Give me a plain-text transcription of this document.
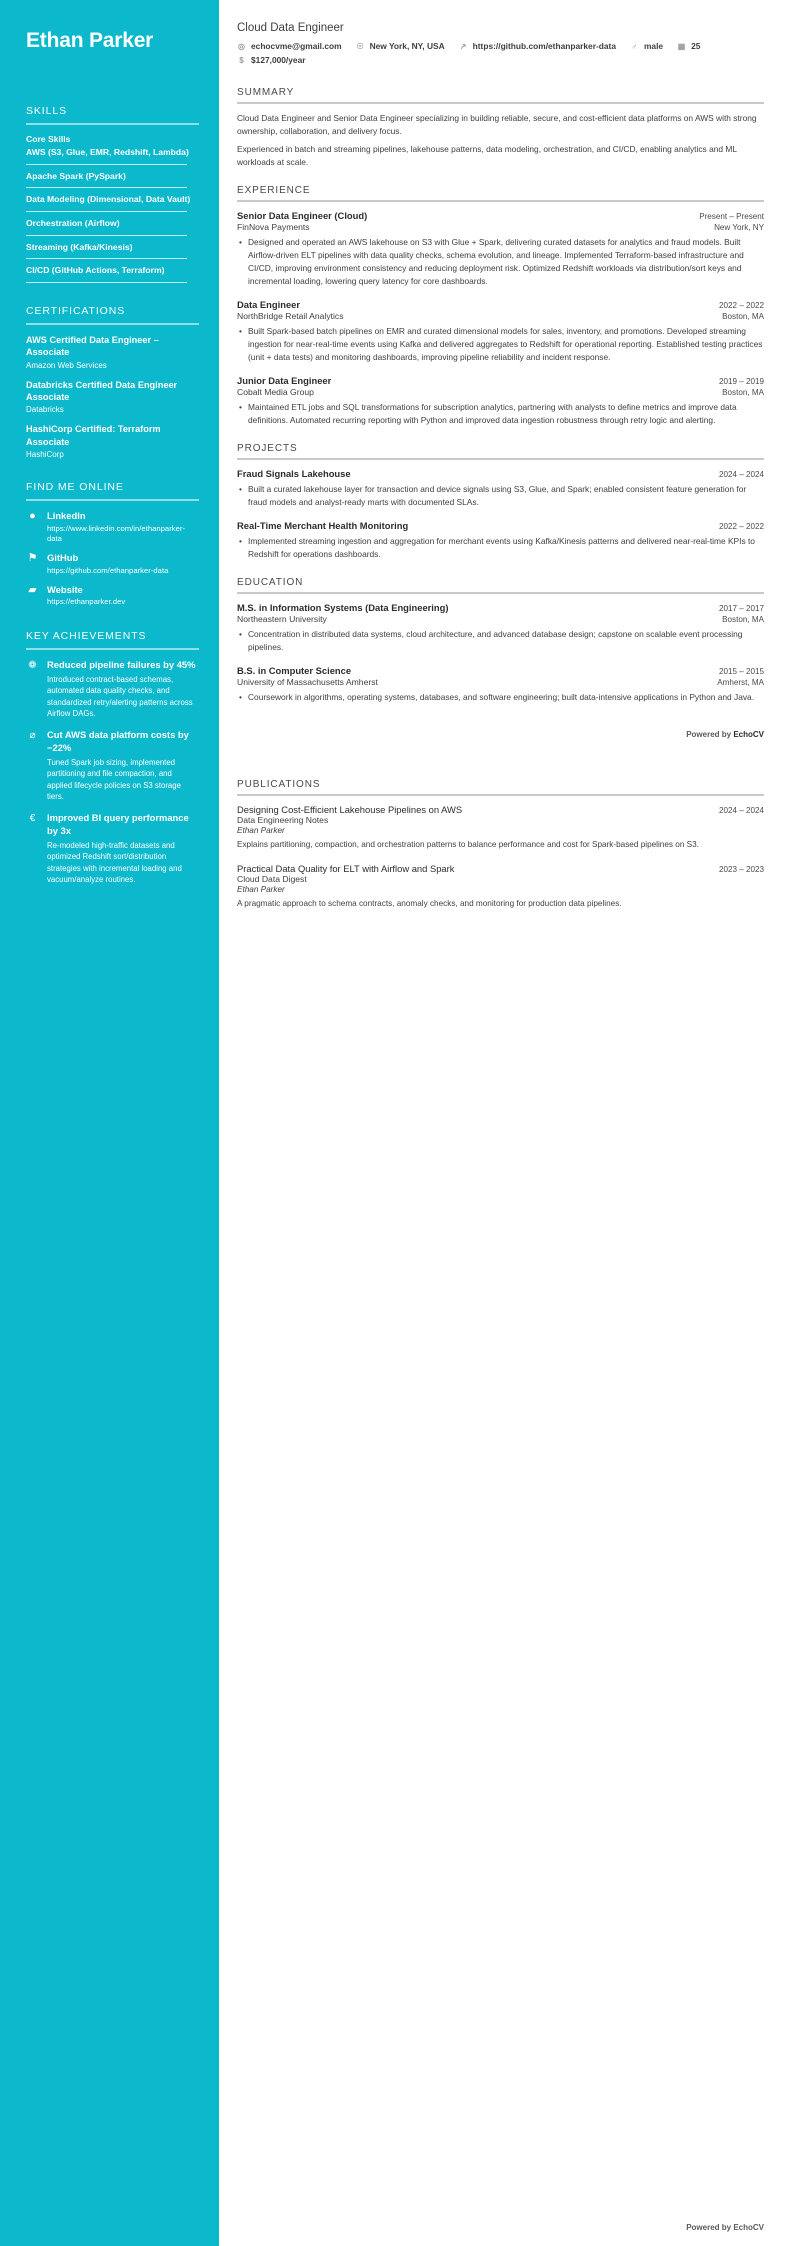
Ethan Parker
SKILLS
Core Skills
AWS (S3, Glue, EMR, Redshift, Lambda)
Apache Spark (PySpark)
Data Modeling (Dimensional, Data Vault)
Orchestration (Airflow)
Streaming (Kafka/Kinesis)
CI/CD (GitHub Actions, Terraform)
CERTIFICATIONS
AWS Certified Data Engineer – Associate
Amazon Web Services
Databricks Certified Data Engineer Associate
Databricks
HashiCorp Certified: Terraform Associate
HashiCorp
FIND ME ONLINE
●	LinkedIn
https://www.linkedin.com/in/ethanparker-data
⚑ GitHub
https://github.com/ethanparker-data
▰ Website
https://ethanparker.dev
KEY ACHIEVEMENTS
❁ Reduced pipeline failures by 45%
Introduced contract-based schemas, automated data quality checks, and standardized retry/alerting patterns across Airflow DAGs.
⌀	Cut AWS data platform costs by −22%
Tuned Spark job sizing, implemented partitioning and file compaction, and applied lifecycle policies on S3 storage tiers.
€	Improved BI query performance by 3x
Re-modeled high-traffic datasets and optimized Redshift sort/distribution strategies with incremental loading and vacuum/analyze routines.
Cloud Data Engineer
◎ echocvme@gmail.com ☉ New York, NY, USA ↗ https://github.com/ethanparker-data ♂ male ▦ 25
$ $127,000/year
SUMMARY
Cloud Data Engineer and Senior Data Engineer specializing in building reliable, secure, and cost-efficient data platforms on AWS with strong ownership, collaboration, and delivery focus.
Experienced in batch and streaming pipelines, lakehouse patterns, data modeling, orchestration, and CI/CD, enabling analytics and ML workloads at scale.
EXPERIENCE
Senior Data Engineer (Cloud)	Present – Present
FinNova Payments	New York, NY
• Designed and operated an AWS lakehouse on S3 with Glue + Spark, delivering curated datasets for analytics and fraud models. Built Airflow-driven ELT pipelines with data quality checks, schema evolution, and lineage. Implemented Terraform-based infrastructure and CI/CD, improving environment consistency and reducing deployment risk. Optimized Redshift workloads via distribution/sort keys and incremental loading, lowering query latency for core dashboards.
Data Engineer	2022 – 2022
NorthBridge Retail Analytics	Boston, MA
• Built Spark-based batch pipelines on EMR and curated dimensional models for sales, inventory, and promotions. Developed streaming ingestion for near-real-time events using Kafka and delivered aggregates to Redshift for operational reporting. Established testing practices (unit + data tests) and monitoring dashboards, improving pipeline reliability and incident response.
Junior Data Engineer	2019 – 2019
Cobalt Media Group	Boston, MA
• Maintained ETL jobs and SQL transformations for subscription analytics, partnering with analysts to define metrics and improve data definitions. Automated recurring reporting with Python and improved data ingestion robustness through retry logic and alerting.
PROJECTS
Fraud Signals Lakehouse	2024 – 2024
• Built a curated lakehouse layer for transaction and device signals using S3, Glue, and Spark; enabled consistent feature generation for fraud models and analyst-ready marts with documented SLAs.
Real-Time Merchant Health Monitoring	2022 – 2022
• Implemented streaming ingestion and aggregation for merchant events using Kafka/Kinesis patterns and delivered near-real-time KPIs to Redshift for operations dashboards.
EDUCATION
M.S. in Information Systems (Data Engineering)	2017 – 2017
Northeastern University	Boston, MA
• Concentration in distributed data systems, cloud architecture, and advanced database design; capstone on scalable event processing pipelines.
B.S. in Computer Science	2015 – 2015
University of Massachusetts Amherst	Amherst, MA
• Coursework in algorithms, operating systems, databases, and software engineering; built data-intensive applications in Python and Java.
Powered by EchoCV
PUBLICATIONS
Designing Cost-Efficient Lakehouse Pipelines on AWS	2024 – 2024
Data Engineering Notes
Ethan Parker
Explains partitioning, compaction, and orchestration patterns to balance performance and cost for Spark-based pipelines on S3.
Practical Data Quality for ELT with Airflow and Spark	2023 – 2023
Cloud Data Digest
Ethan Parker
A pragmatic approach to schema contracts, anomaly checks, and monitoring for production data pipelines.
Powered by EchoCV
